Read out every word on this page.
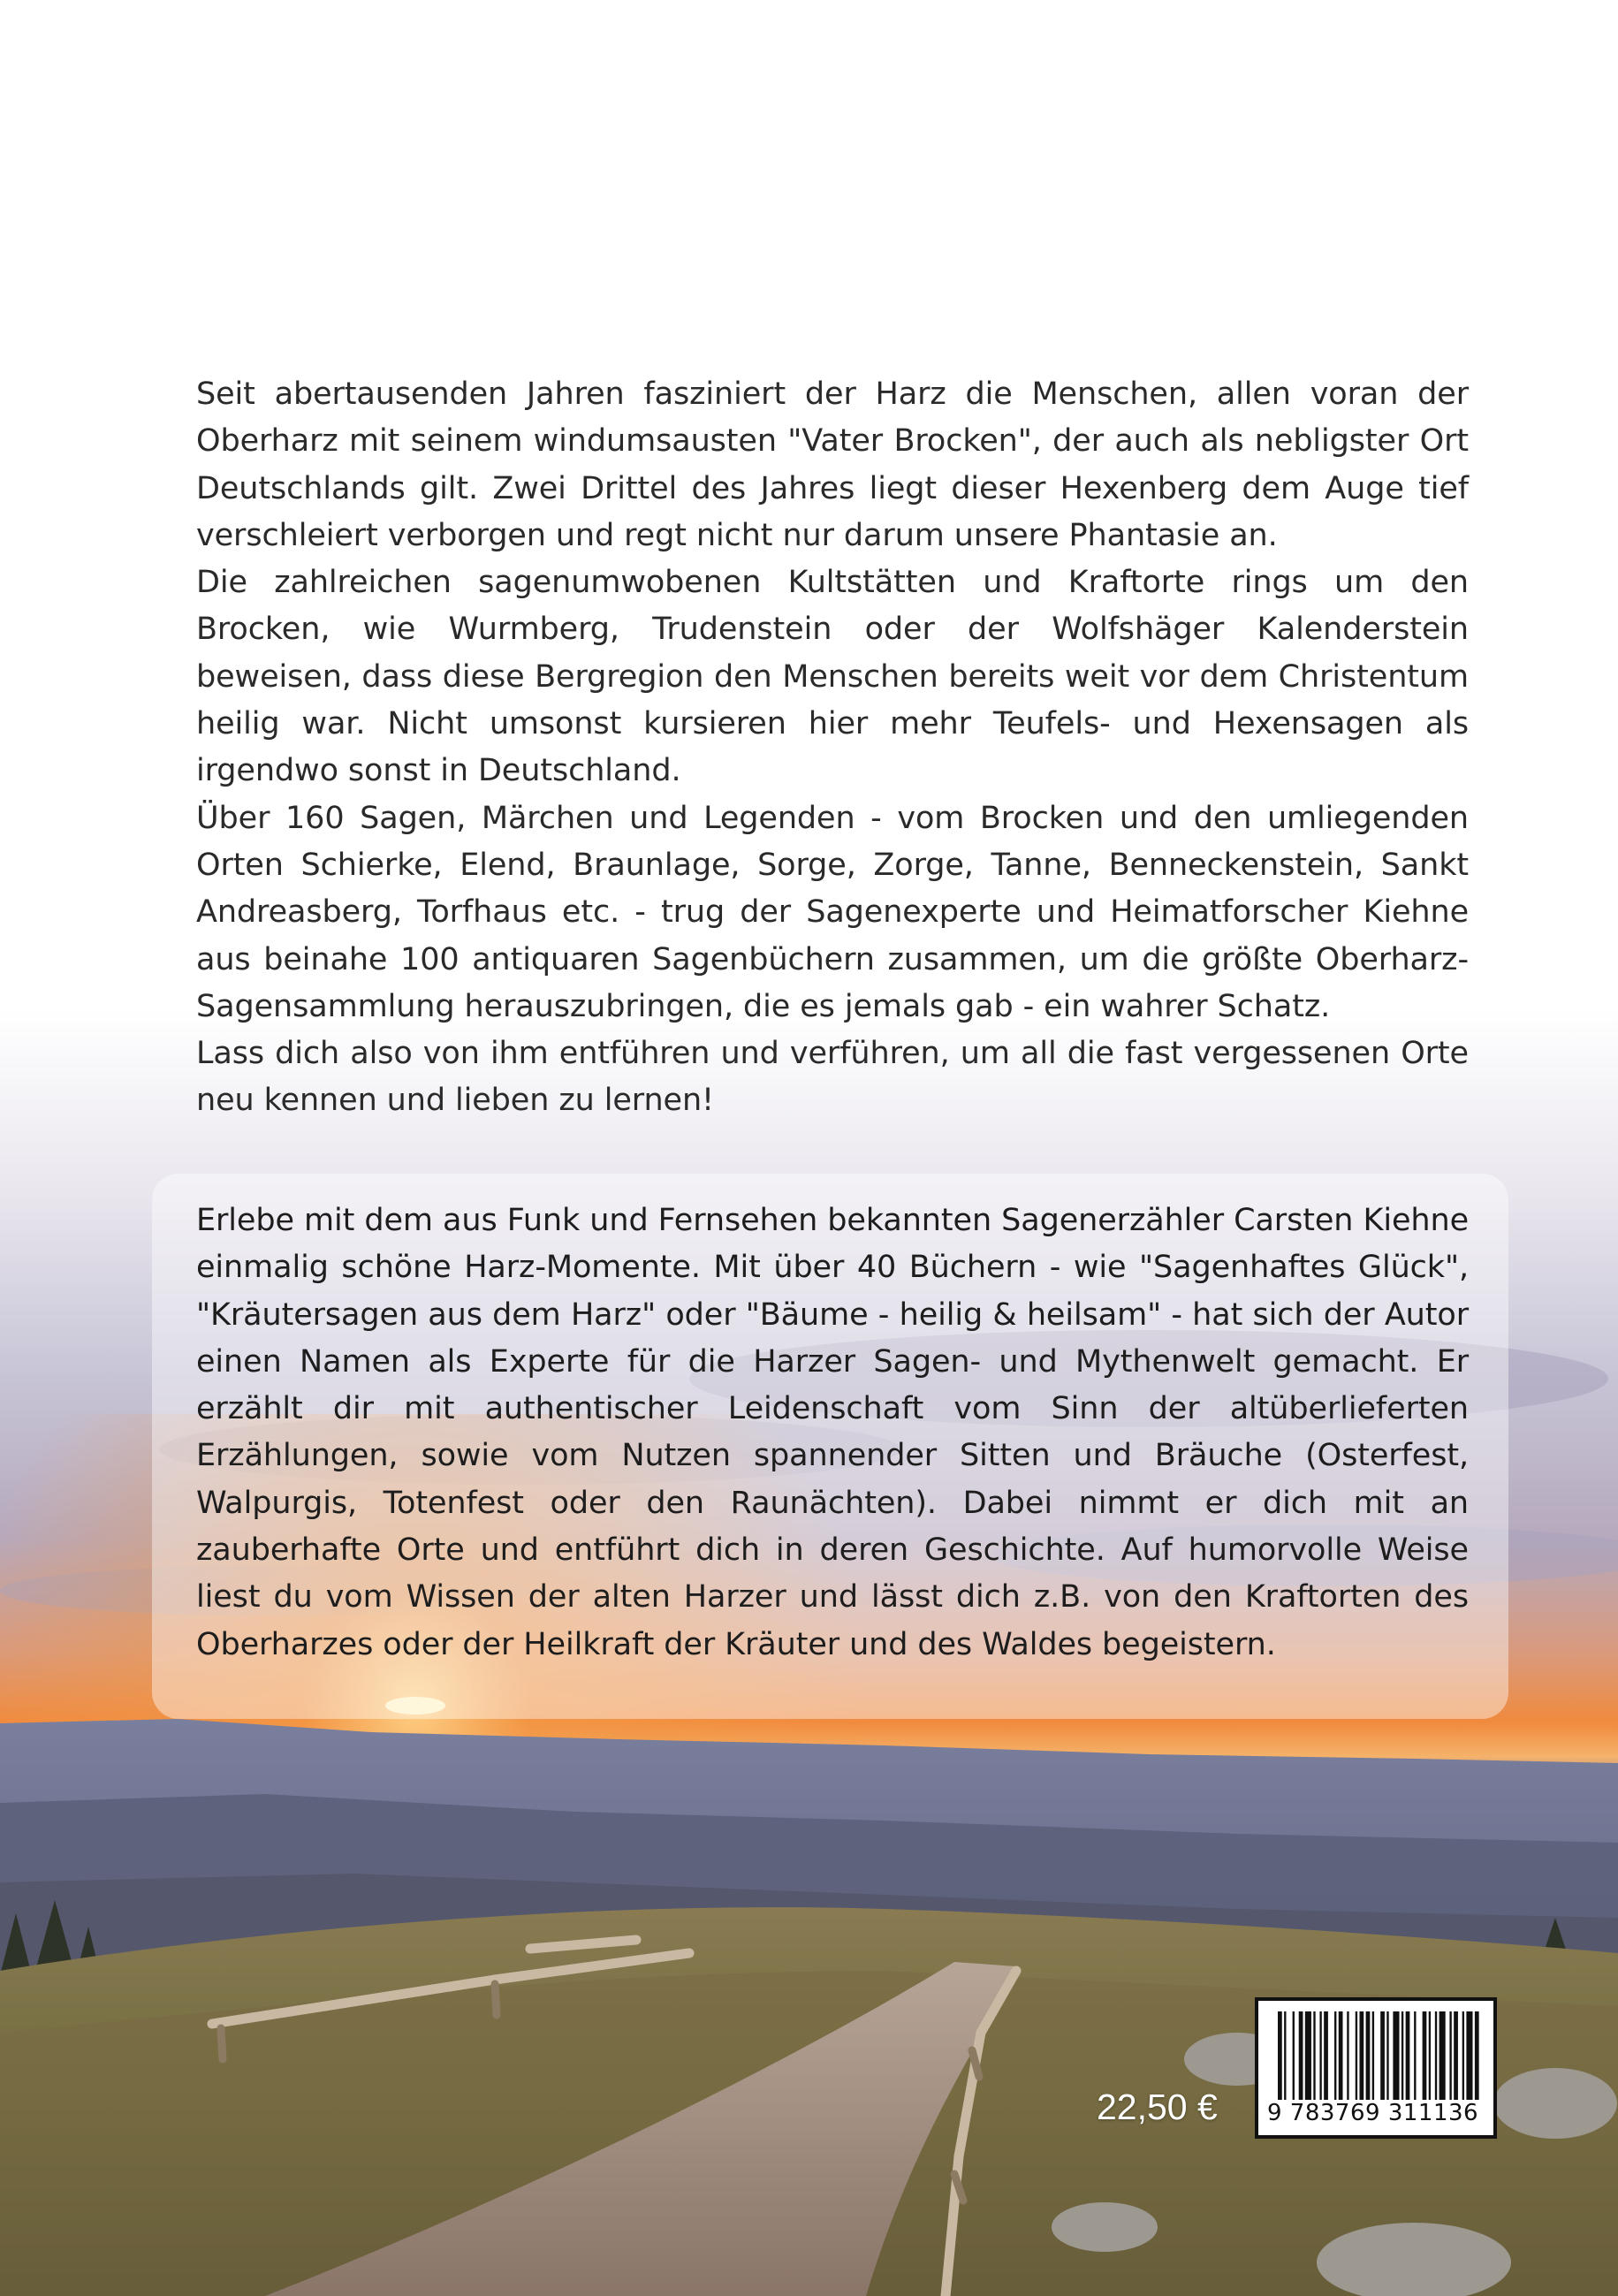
Seit abertausenden Jahren fasziniert der Harz die Menschen, allen voran der Oberharz mit seinem windumsausten "Vater Brocken", der auch als nebligster Ort Deutschlands gilt. Zwei Drittel des Jahres liegt dieser Hexenberg dem Auge tief verschleiert verborgen und regt nicht nur darum unsere Phantasie an.

Die zahlreichen sagenumwobenen Kultstätten und Kraftorte rings um den Brocken, wie Wurmberg, Trudenstein oder der Wolfshäger Kalenderstein beweisen, dass diese Bergregion den Menschen bereits weit vor dem Christentum heilig war. Nicht umsonst kursieren hier mehr Teufels- und Hexensagen als irgendwo sonst in Deutschland.

Über 160 Sagen, Märchen und Legenden - vom Brocken und den umliegenden Orten Schierke, Elend, Braunlage, Sorge, Zorge, Tanne, Benneckenstein, Sankt Andreasberg, Torfhaus etc. - trug der Sagenexperte und Heimatforscher Kiehne aus beinahe 100 antiquaren Sagenbüchern zusammen, um die größte Oberharz-Sagensammlung herauszubringen, die es jemals gab - ein wahrer Schatz.

Lass dich also von ihm entführen und verführen, um all die fast vergessenen Orte neu kennen und lieben zu lernen!

Erlebe mit dem aus Funk und Fernsehen bekannten Sagenerzähler Carsten Kiehne einmalig schöne Harz-Momente. Mit über 40 Büchern - wie "Sagenhaftes Glück", "Kräutersagen aus dem Harz" oder "Bäume - heilig & heilsam" - hat sich der Autor einen Namen als Experte für die Harzer Sagen- und Mythenwelt gemacht. Er erzählt dir mit authentischer Leidenschaft vom Sinn der altüberlieferten Erzählungen, sowie vom Nutzen spannender Sitten und Bräuche (Osterfest, Walpurgis, Totenfest oder den Raunächten). Dabei nimmt er dich mit an zauberhafte Orte und entführt dich in deren Geschichte. Auf humorvolle Weise liest du vom Wissen der alten Harzer und lässt dich z.B. von den Kraftorten des Oberharzes oder der Heilkraft der Kräuter und des Waldes begeistern.

22,50 € 9 783769 311136
